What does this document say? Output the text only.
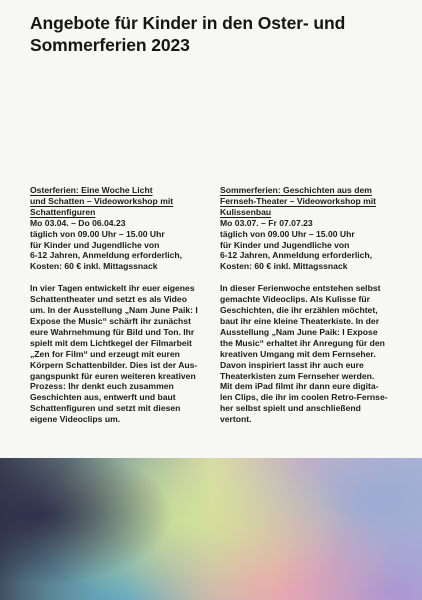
Angebote für Kinder in den Oster- und
Sommerferien 2023
Osterferien: Eine Woche Licht
und Schatten – Videoworkshop mit
Schattenfiguren
Mo 03.04. – Do 06.04.23
täglich von 09.00 Uhr – 15.00 Uhr
für Kinder und Jugendliche von
6-12 Jahren, Anmeldung erforderlich,
Kosten: 60 € inkl. Mittagssnack
In vier Tagen entwickelt ihr euer eigenes
Schattentheater und setzt es als Video
um. In der Ausstellung „Nam June Paik: I
Expose the Music“ schärft ihr zunächst
eure Wahrnehmung für Bild und Ton. Ihr
spielt mit dem Lichtkegel der Filmarbeit
„Zen for Film“ und erzeugt mit euren
Körpern Schattenbilder. Dies ist der Aus-
gangspunkt für euren weiteren kreativen
Prozess: Ihr denkt euch zusammen
Geschichten aus, entwerft und baut
Schattenfiguren und setzt mit diesen
eigene Videoclips um.
Sommerferien: Geschichten aus dem
Fernseh-Theater – Videoworkshop mit
Kulissenbau
Mo 03.07. – Fr 07.07.23
täglich von 09.00 Uhr – 15.00 Uhr
für Kinder und Jugendliche von
6-12 Jahren, Anmeldung erforderlich,
Kosten: 60 € inkl. Mittagssnack
In dieser Ferienwoche entstehen selbst
gemachte Videoclips. Als Kulisse für
Geschichten, die ihr erzählen möchtet,
baut ihr eine kleine Theaterkiste. In der
Ausstellung „Nam June Paik: I Expose
the Music“ erhaltet ihr Anregung für den
kreativen Umgang mit dem Fernseher.
Davon inspiriert lasst ihr auch eure
Theaterkisten zum Fernseher werden.
Mit dem iPad filmt ihr dann eure digita-
len Clips, die ihr im coolen Retro-Fernse-
her selbst spielt und anschließend
vertont.
